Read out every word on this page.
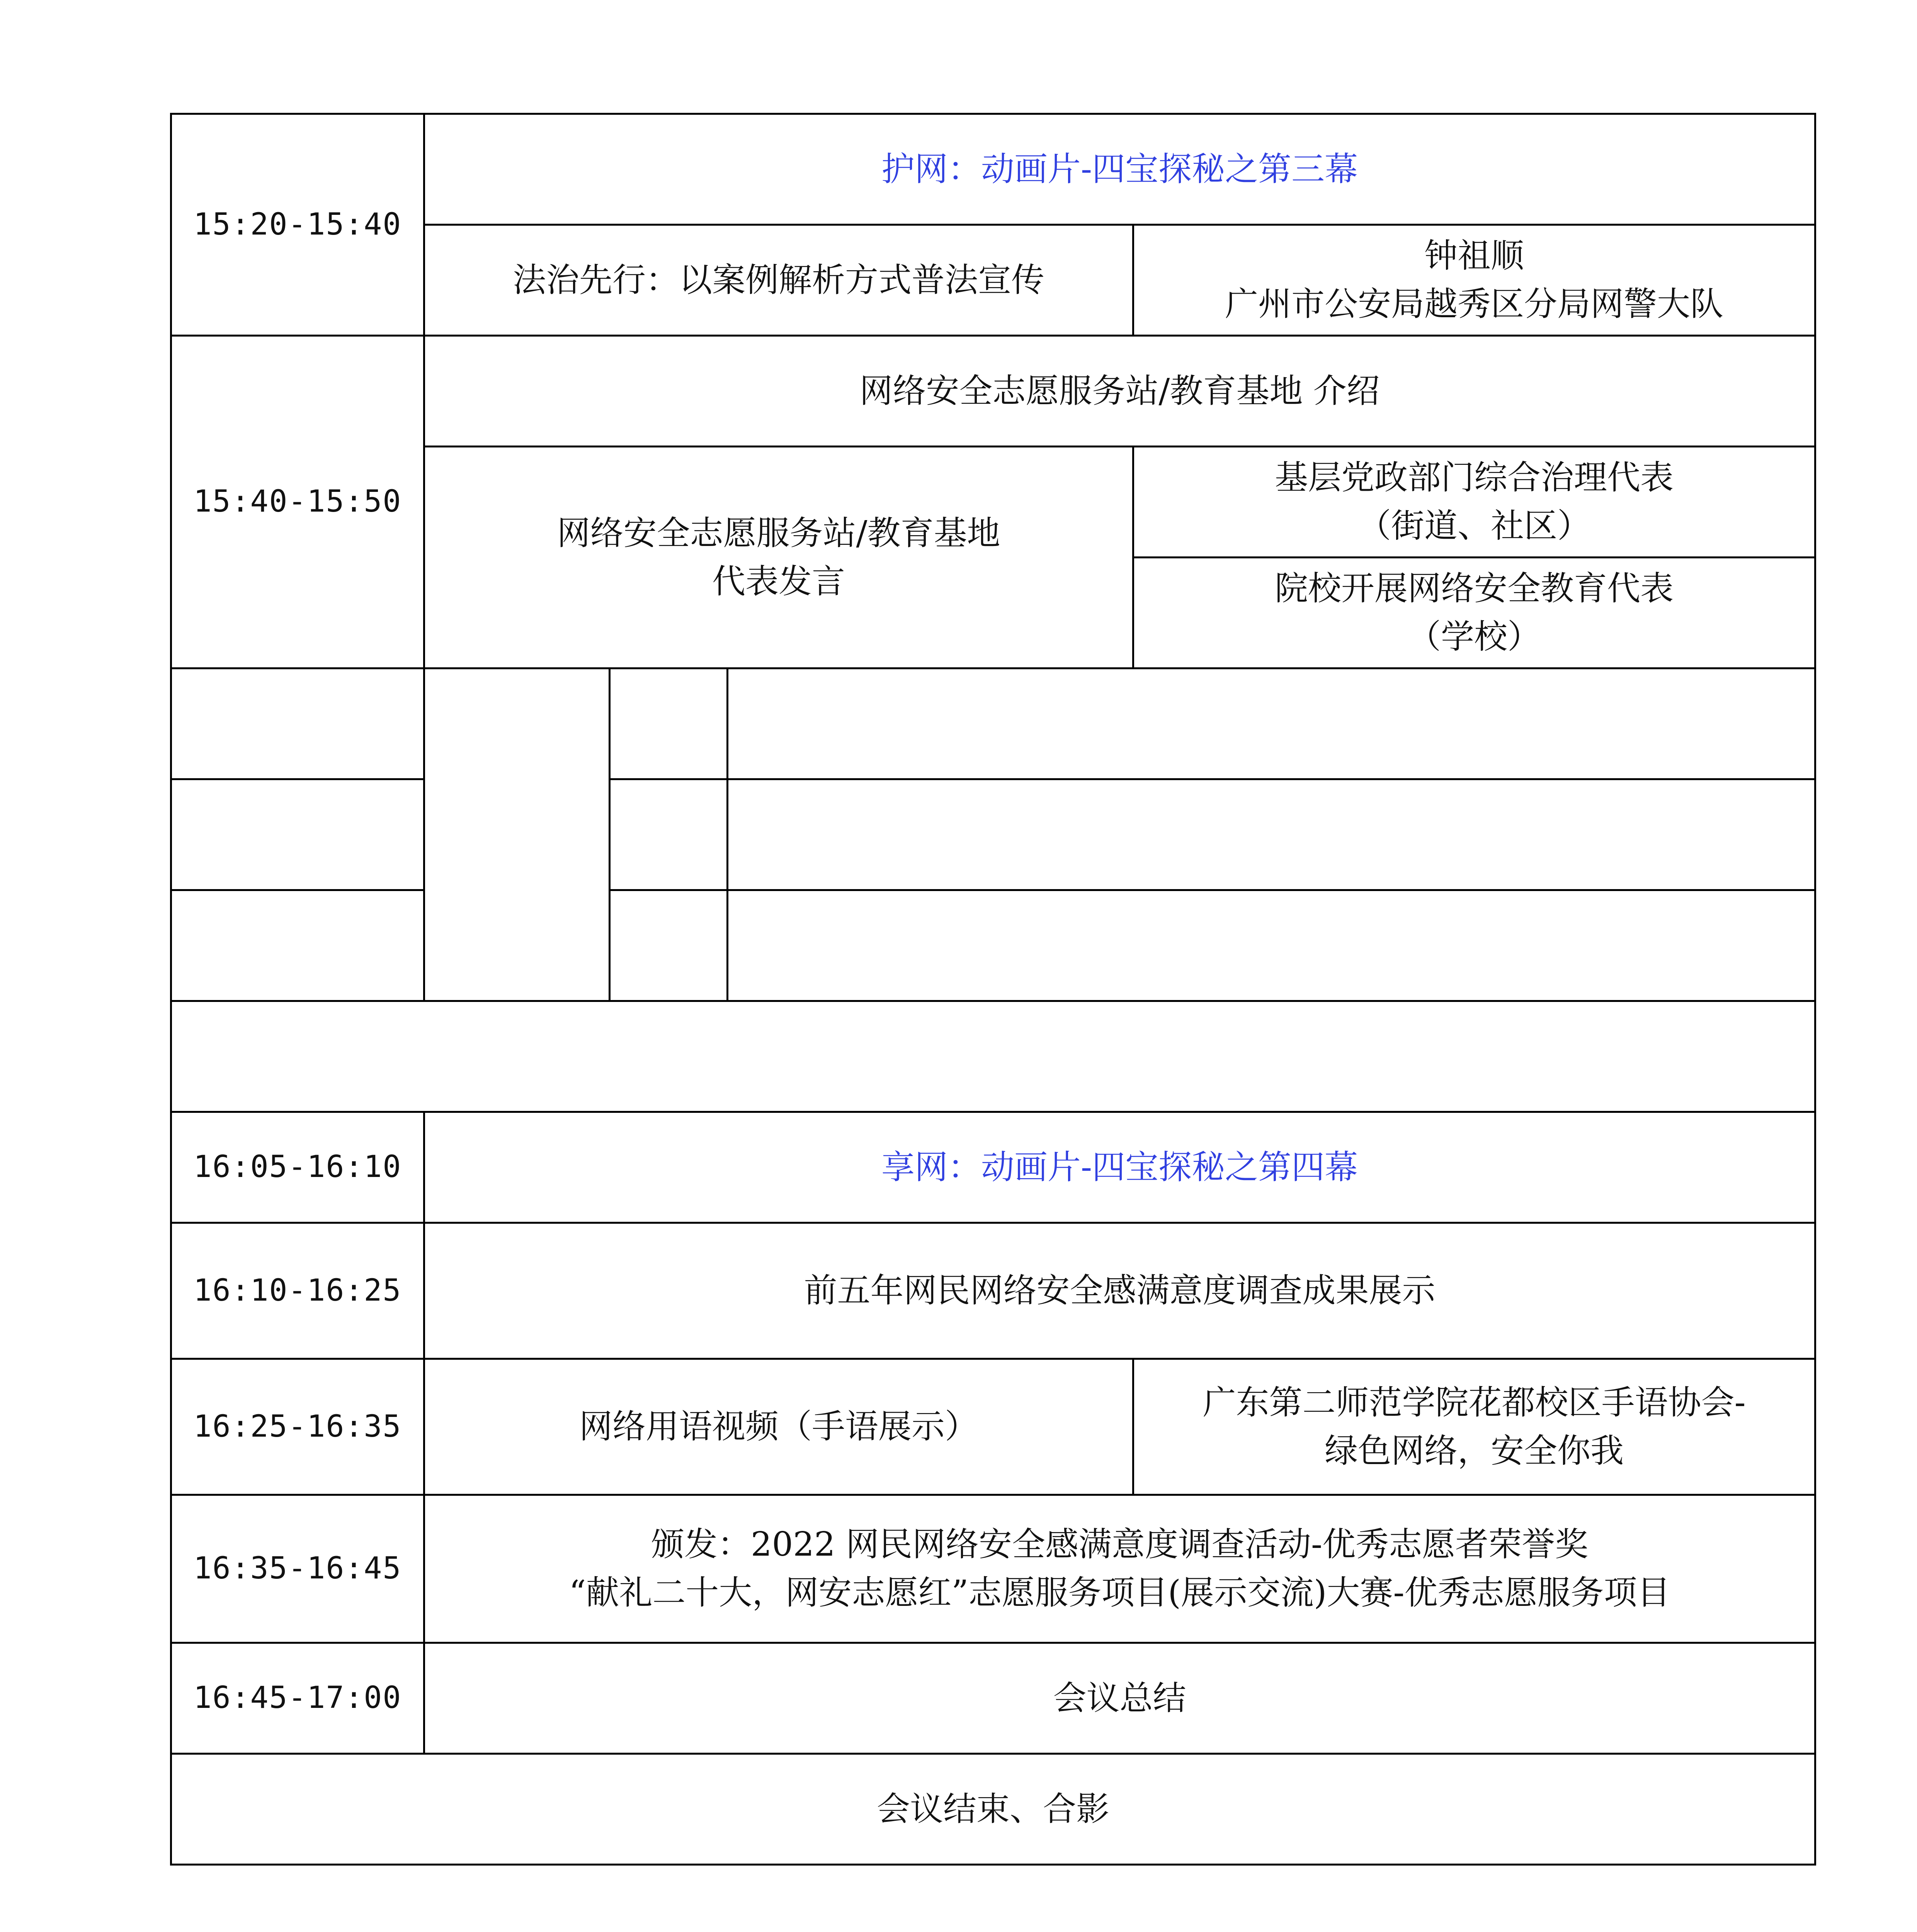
15:20-15:40	护网：动画片-四宝探秘之第三幕			
	法治先行：以案例解析方式普法宣传			钟祖顺
广州市公安局越秀区分局网警大队

15:40-15:50	网络安全志愿服务站/教育基地 介绍			

	网络安全志愿服务站/教育基地
代表发言			基层党政部门综合治理代表
（街道、社区）

				院校开展网络安全教育代表
（学校）

16:05-16:10	享网：动画片-四宝探秘之第四幕			
16:10-16:25	前五年网民网络安全感满意度调查成果展示			
16:25-16:35	网络用语视频（手语展示）			广东第二师范学院花都校区手语协会-
绿色网络，安全你我

16:35-16:45	颁发：2022 网民网络安全感满意度调查活动-优秀志愿者荣誉奖
“献礼二十大，网安志愿红”志愿服务项目(展示交流)大赛-优秀志愿服务项目			

16:45-17:00	会议总结			
会议结束、合影				
